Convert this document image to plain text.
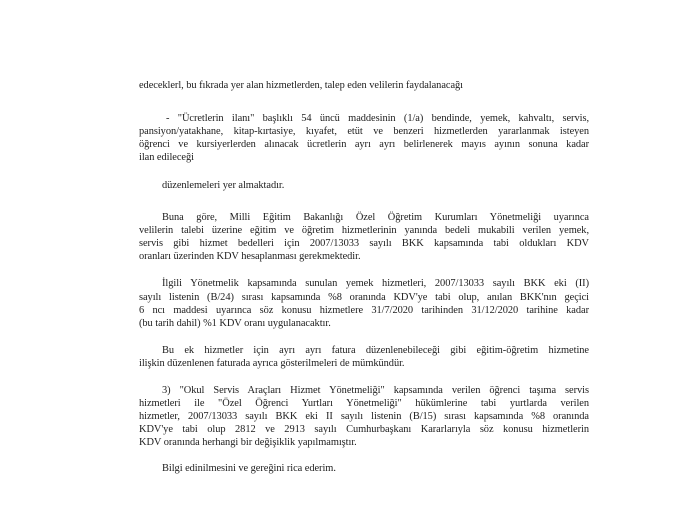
edeceklerl, bu fıkrada yer alan hizmetlerden, talep eden velilerin faydalanacağı
- "Ücretlerin ilanı" başlıklı 54 üncü maddesinin (1/a) bendinde, yemek, kahvaltı, servis,
pansiyon/yatakhane, kitap-kırtasiye, kıyafet, etüt ve benzeri hizmetlerden yararlanmak isteyen
öğrenci ve kursiyerlerden alınacak ücretlerin ayrı ayrı belirlenerek mayıs ayının sonuna kadar
ilan edileceği
düzenlemeleri yer almaktadır.
Buna göre, Milli Eğitim Bakanlığı Özel Öğretim Kurumları Yönetmeliği uyarınca
velilerin talebi üzerine eğitim ve öğretim hizmetlerinin yanında bedeli mukabili verilen yemek,
servis gibi hizmet bedelleri için 2007/13033 sayılı BKK kapsamında tabi oldukları KDV
oranları üzerinden KDV hesaplanması gerekmektedir.
İlgili Yönetmelik kapsamında sunulan yemek hizmetleri, 2007/13033 sayılı BKK eki (II)
sayılı listenin (B/24) sırası kapsamında %8 oranında KDV'ye tabi olup, anılan BKK'nın geçici
6 ncı maddesi uyarınca söz konusu hizmetlere 31/7/2020 tarihinden 31/12/2020 tarihine kadar
(bu tarih dahil) %1 KDV oranı uygulanacaktır.
Bu ek hizmetler için ayrı ayrı fatura düzenlenebileceği gibi eğitim-öğretim hizmetine
ilişkin düzenlenen faturada ayrıca gösterilmeleri de mümkündür.
3) "Okul Servis Araçları Hizmet Yönetmeliği" kapsamında verilen öğrenci taşıma servis
hizmetleri ile "Özel Öğrenci Yurtları Yönetmeliği" hükümlerine tabi yurtlarda verilen
hizmetler, 2007/13033 sayılı BKK eki II sayılı listenin (B/15) sırası kapsamında %8 oranında
KDV'ye tabi olup 2812 ve 2913 sayılı Cumhurbaşkanı Kararlarıyla söz konusu hizmetlerin
KDV oranında herhangi bir değişiklik yapılmamıştır.
Bilgi edinilmesini ve gereğini rica ederim.
